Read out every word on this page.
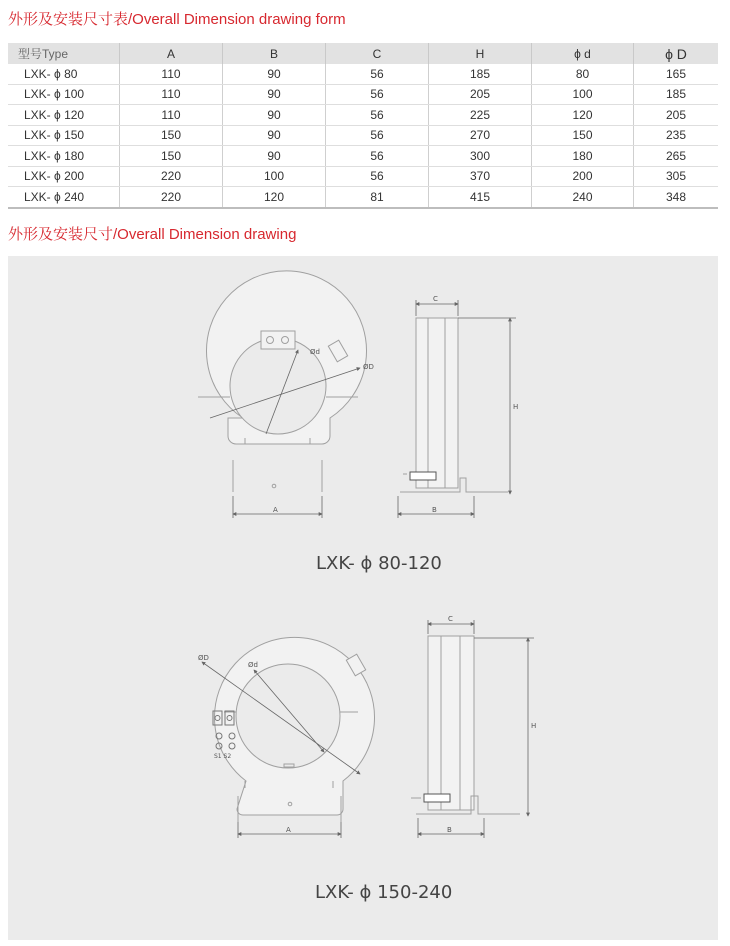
外形及安装尺寸表/Overall Dimension drawing form
型号Type	A	B	C	H	ϕ d	ϕ D
LXK- ϕ 80	110	90	56	185	80	165
LXK- ϕ 100	110	90	56	205	100	185
LXK- ϕ 120	110	90	56	225	120	205
LXK- ϕ 150	150	90	56	270	150	235
LXK- ϕ 180	150	90	56	300	180	265
LXK- ϕ 200	220	100	56	370	200	305
LXK- ϕ 240	220	120	81	415	240	348
外形及安装尺寸/Overall Dimension drawing
Ød
ØD
A
C
H
B
LXK- ϕ 80-120
S1 S2
ØD
Ød
A
C
H
B
LXK- ϕ 150-240
